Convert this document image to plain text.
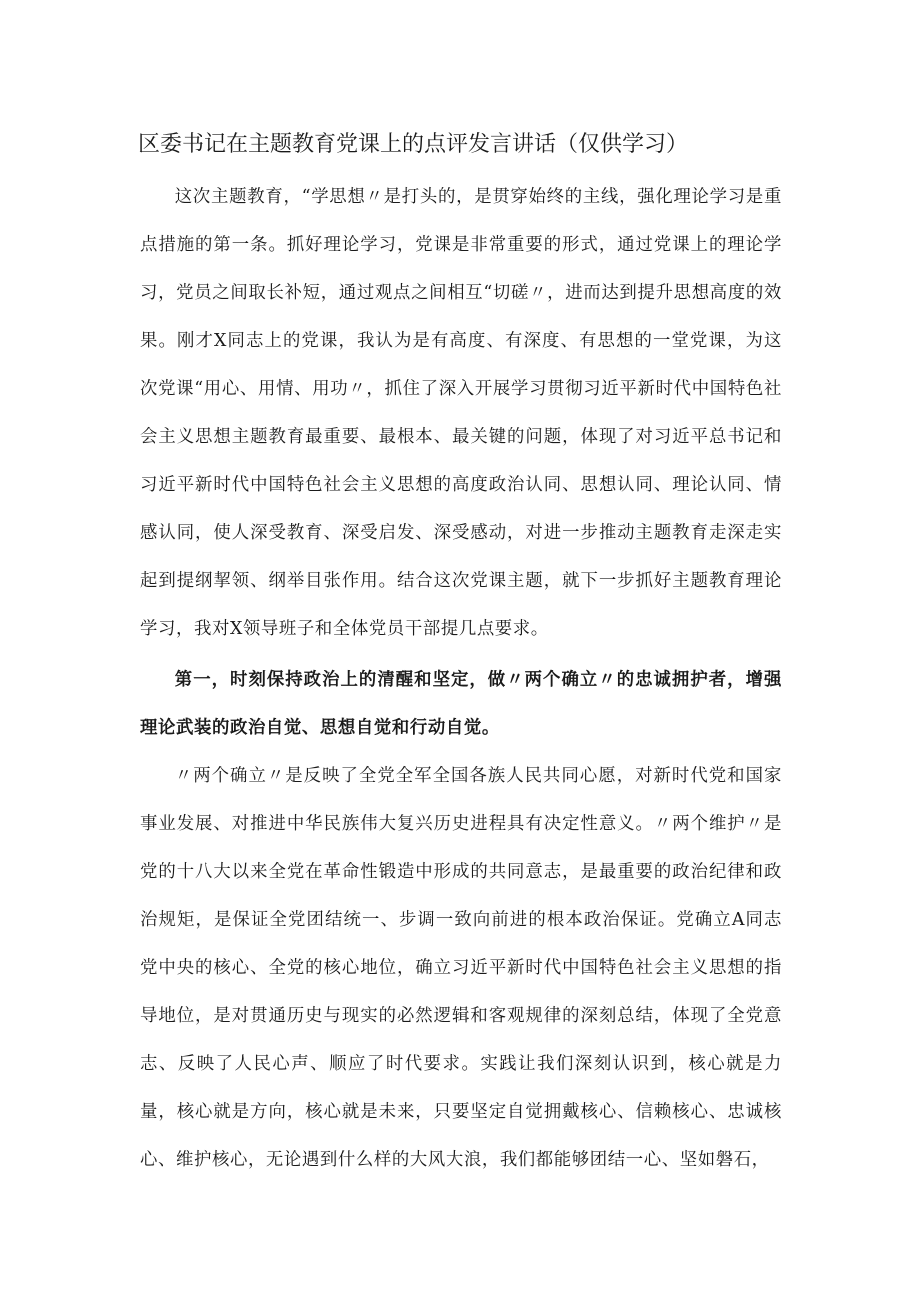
区委书记在主题教育党课上的点评发言讲话（仅供学习）

这次主题教育，“学思想〃是打头的，是贯穿始终的主线，强化理论学习是重点措施的第一条。抓好理论学习，党课是非常重要的形式，通过党课上的理论学习，党员之间取长补短，通过观点之间相互“切磋〃，进而达到提升思想高度的效果。刚才X同志上的党课，我认为是有高度、有深度、有思想的一堂党课，为这次党课“用心、用情、用功〃，抓住了深入开展学习贯彻习近平新时代中国特色社会主义思想主题教育最重要、最根本、最关键的问题，体现了对习近平总书记和习近平新时代中国特色社会主义思想的高度政治认同、思想认同、理论认同、情感认同，使人深受教育、深受启发、深受感动，对进一步推动主题教育走深走实起到提纲挈领、纲举目张作用。结合这次党课主题，就下一步抓好主题教育理论学习，我对X领导班子和全体党员干部提几点要求。

第一，时刻保持政治上的清醒和坚定，做〃两个确立〃的忠诚拥护者，增强理论武装的政治自觉、思想自觉和行动自觉。

〃两个确立〃是反映了全党全军全国各族人民共同心愿，对新时代党和国家事业发展、对推进中华民族伟大复兴历史进程具有决定性意义。〃两个维护〃是党的十八大以来全党在革命性锻造中形成的共同意志，是最重要的政治纪律和政治规矩，是保证全党团结统一、步调一致向前进的根本政治保证。党确立A同志党中央的核心、全党的核心地位，确立习近平新时代中国特色社会主义思想的指导地位，是对贯通历史与现实的必然逻辑和客观规律的深刻总结，体现了全党意志、反映了人民心声、顺应了时代要求。实践让我们深刻认识到，核心就是力量，核心就是方向，核心就是未来，只要坚定自觉拥戴核心、信赖核心、忠诚核心、维护核心，无论遇到什么样的大风大浪，我们都能够团结一心、坚如磐石，
